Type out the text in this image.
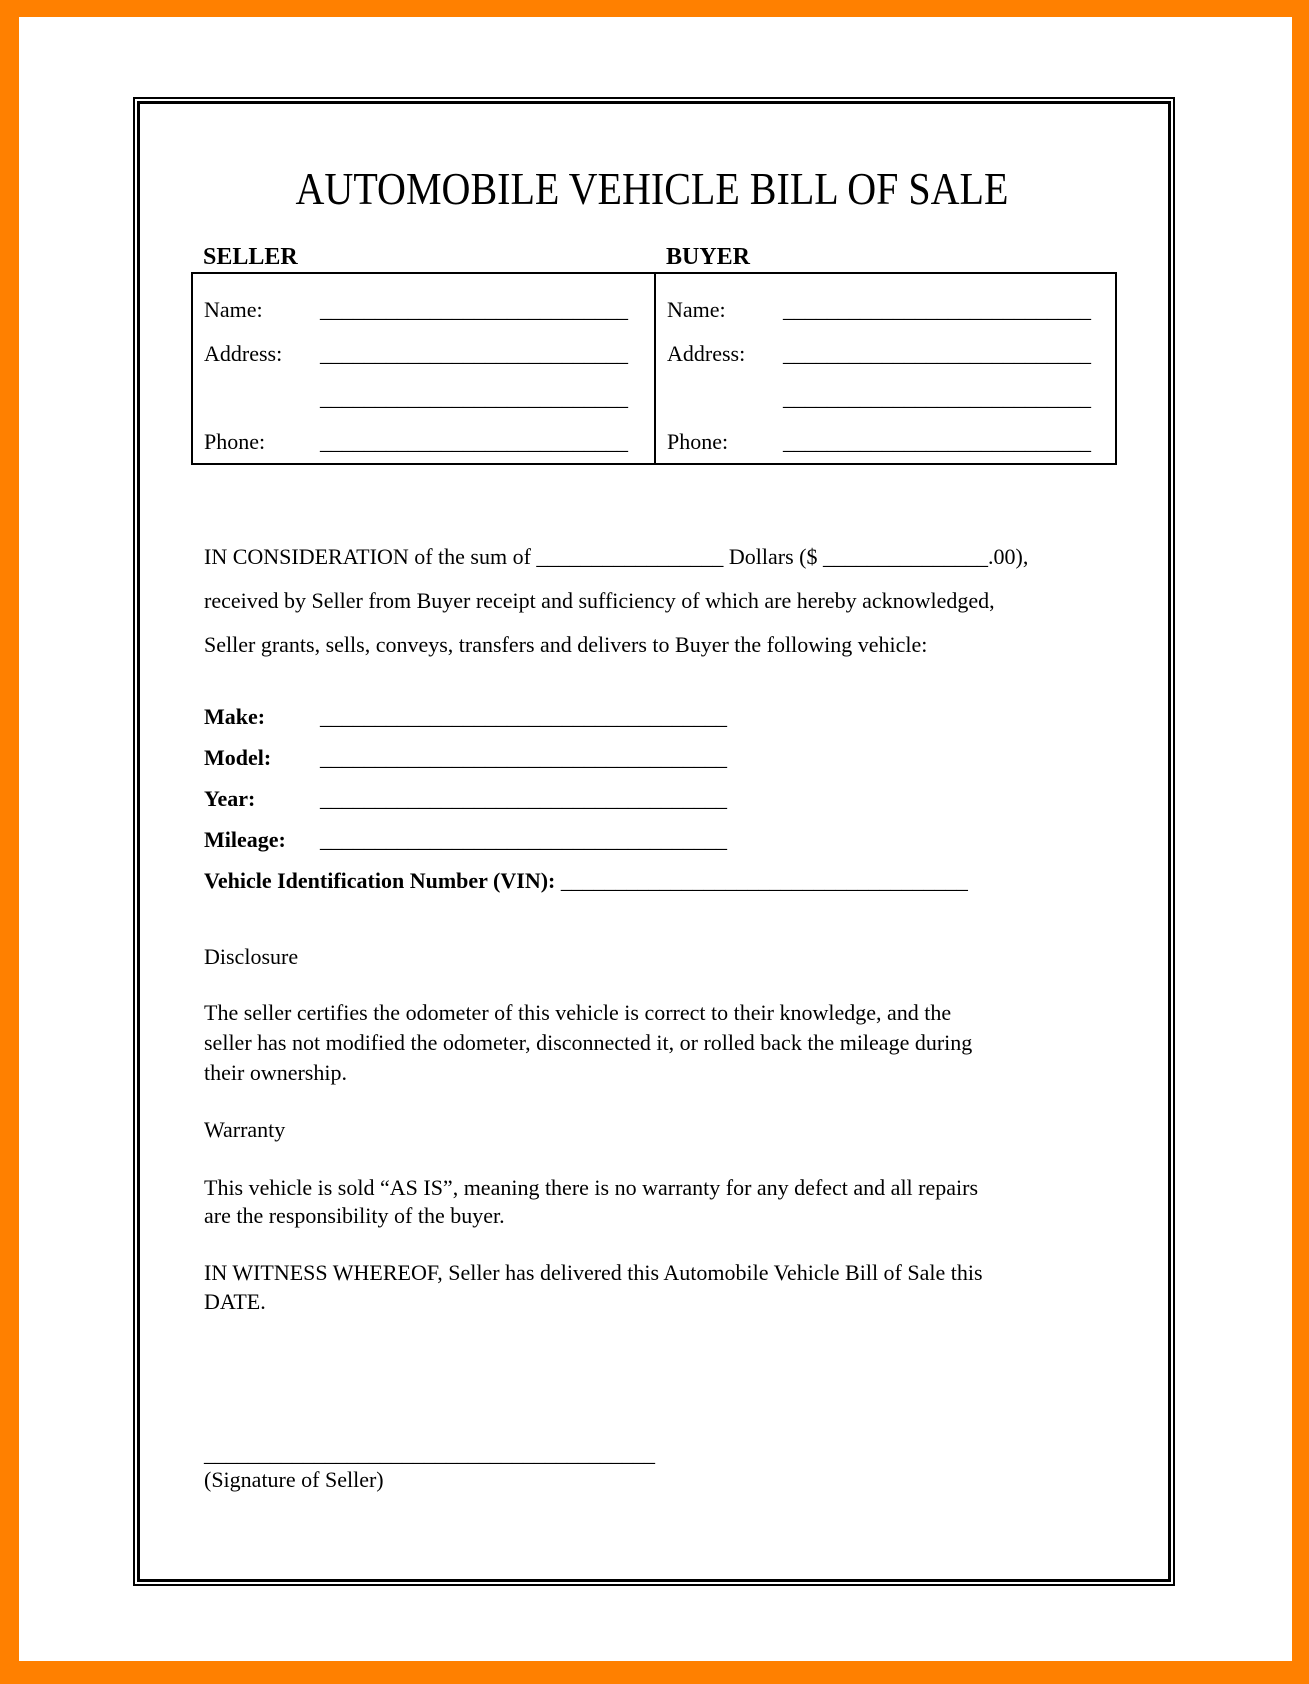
AUTOMOBILE VEHICLE BILL OF SALE
SELLER	BUYER
Name:	____________________________
Address: ____________________________
____________________________
Phone: ____________________________
Name:	____________________________
Address: ____________________________
____________________________
Phone: ____________________________
IN CONSIDERATION of the sum of _________________ Dollars ($ _______________.00),
received by Seller from Buyer receipt and sufficiency of which are hereby acknowledged,
Seller grants, sells, conveys, transfers and delivers to Buyer the following vehicle:
Make: _____________________________________
Model: _____________________________________
Year:	_____________________________________
Mileage: _____________________________________
Vehicle Identification Number (VIN): _____________________________________
Disclosure
The seller certifies the odometer of this vehicle is correct to their knowledge, and the
seller has not modified the odometer, disconnected it, or rolled back the mileage during
their ownership.
Warranty
This vehicle is sold “AS IS”, meaning there is no warranty for any defect and all repairs
are the responsibility of the buyer.
IN WITNESS WHEREOF, Seller has delivered this Automobile Vehicle Bill of Sale this
DATE.
_________________________________________
(Signature of Seller)
